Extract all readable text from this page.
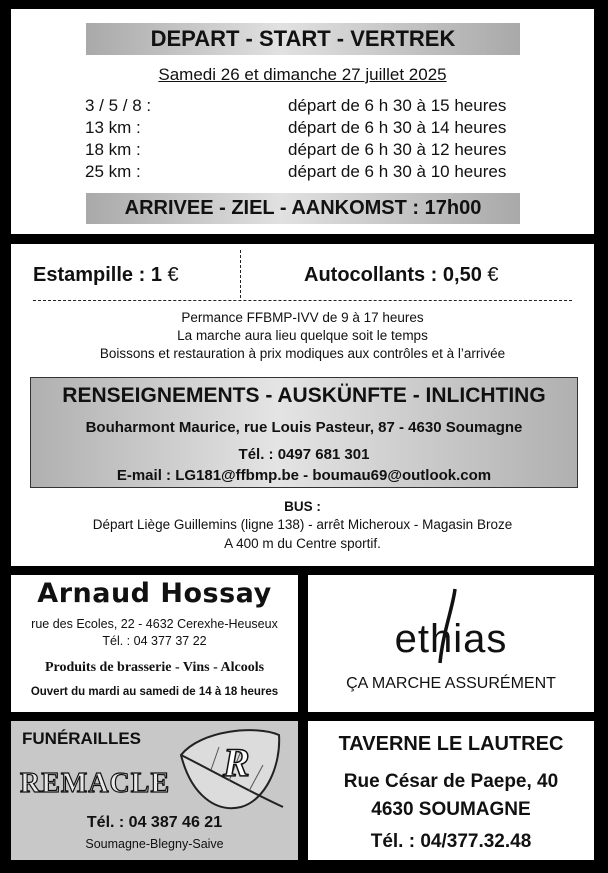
DEPART - START - VERTREK
Samedi 26 et dimanche 27 juillet 2025
3 / 5 / 8 :	départ de 6 h 30 à 15 heures
13 km :	départ de 6 h 30 à 14 heures
18 km :	départ de 6 h 30 à 12 heures
25 km :	départ de 6 h 30 à 10 heures
ARRIVEE - ZIEL - AANKOMST : 17h00
Estampille : 1 €	Autocollants : 0,50 €
Permance FFBMP-IVV de 9 à 17 heures
La marche aura lieu quelque soit le temps
Boissons et restauration à prix modiques aux contrôles et à l’arrivée
RENSEIGNEMENTS - AUSKÜNFTE - INLICHTING
Bouharmont Maurice, rue Louis Pasteur, 87 - 4630 Soumagne
Tél. : 0497 681 301
E-mail : LG181@ffbmp.be - boumau69@outlook.com
BUS :
Départ Liège Guillemins (ligne 138) - arrêt Micheroux - Magasin Broze
A 400 m du Centre sportif.
Arnaud Hossay
rue des Ecoles, 22 - 4632 Cerexhe-Heuseux
Tél. : 04 377 37 22
Produits de brasserie - Vins - Alcools
Ouvert du mardi au samedi de 14 à 18 heures
ethias
ÇA MARCHE ASSURÉMENT
FUNÉRAILLES
R
REMACLE
Tél. : 04 387 46 21
Soumagne-Blegny-Saive
TAVERNE LE LAUTREC
Rue César de Paepe, 40
4630 SOUMAGNE
Tél. : 04/377.32.48
